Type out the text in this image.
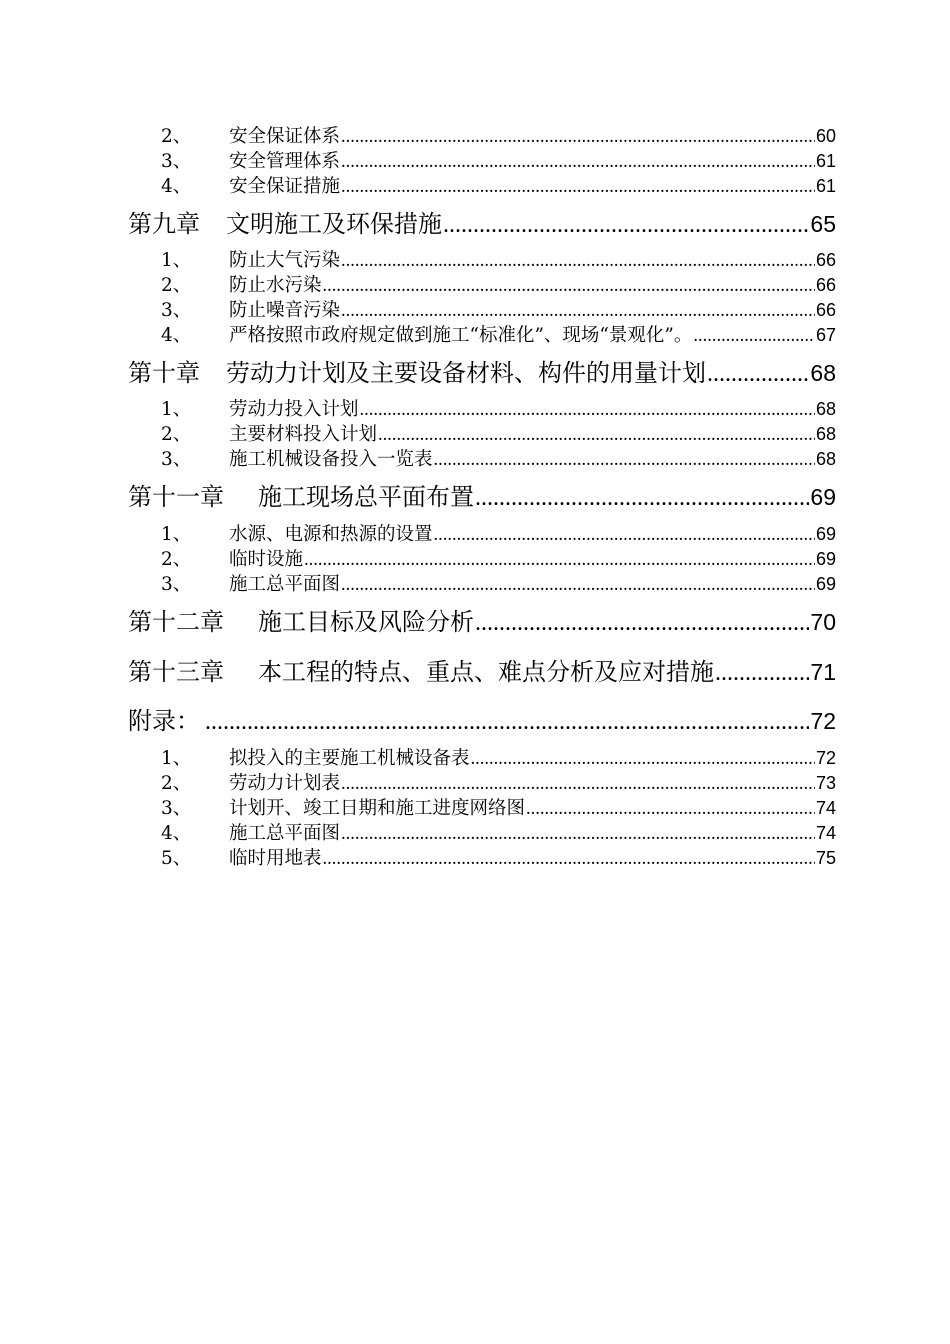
2、	安全保证体系 .....	60
3、	安全管理体系 .....	61
4、	安全保证措施 .....	61
第九章 文明施工及环保措施 .....	65
1、	防止大气污染 .....	66
2、	防止水污染 .....	66
3、	防止噪音污染 .....	66
4、	严格按照市政府规定做到施工“标准化”、现场“景观化”。 .....	67
第十章 劳动力计划及主要设备材料、构件的用量计划 .....	68
1、	劳动力投入计划 .....	68
2、	主要材料投入计划 .....	68
3、	施工机械设备投入一览表 .....	68
第十一章 施工现场总平面布置 .....	69
1、	水源、电源和热源的设置 .....	69
2、	临时设施 .....	69
3、	施工总平面图 .....	69
第十二章 施工目标及风险分析 .....	70
第十三章 本工程的特点、重点、难点分析及应对措施 .....	71
附录： .....	72
1、	拟投入的主要施工机械设备表 .....	72
2、	劳动力计划表 .....	73
3、	计划开、竣工日期和施工进度网络图 .....	74
4、	施工总平面图 .....	74
5、	临时用地表 .....	75
